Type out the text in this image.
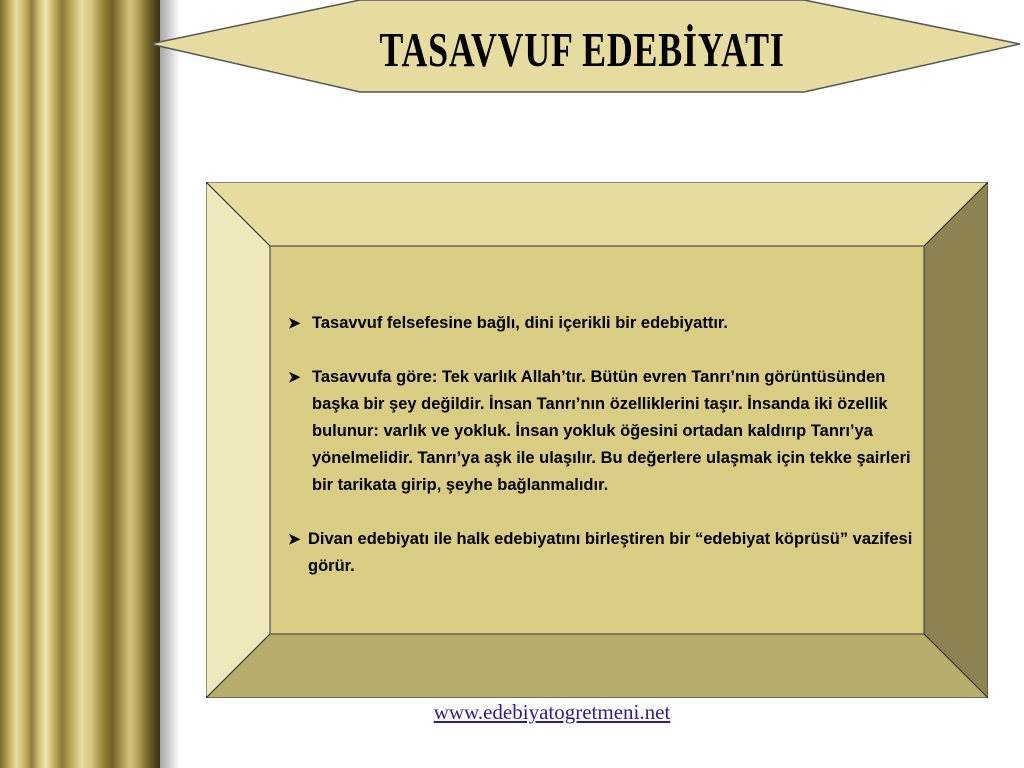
TASAVVUF EDEBİYATI
➤ Tasavvuf felsefesine bağlı, dini içerikli bir edebiyattır.
➤ Tasavvufa göre: Tek varlık Allah’tır. Bütün evren Tanrı’nın görüntüsünden başka bir şey değildir. İnsan Tanrı’nın özelliklerini taşır. İnsanda iki özellik bulunur: varlık ve yokluk. İnsan yokluk öğesini ortadan kaldırıp Tanrı’ya yönelmelidir. Tanrı’ya aşk ile ulaşılır. Bu değerlere ulaşmak için tekke şairleri bir tarikata girip, şeyhe bağlanmalıdır.
➤ Divan edebiyatı ile halk edebiyatını birleştiren bir “edebiyat köprüsü” vazifesi görür.
www.edebiyatogretmeni.net
